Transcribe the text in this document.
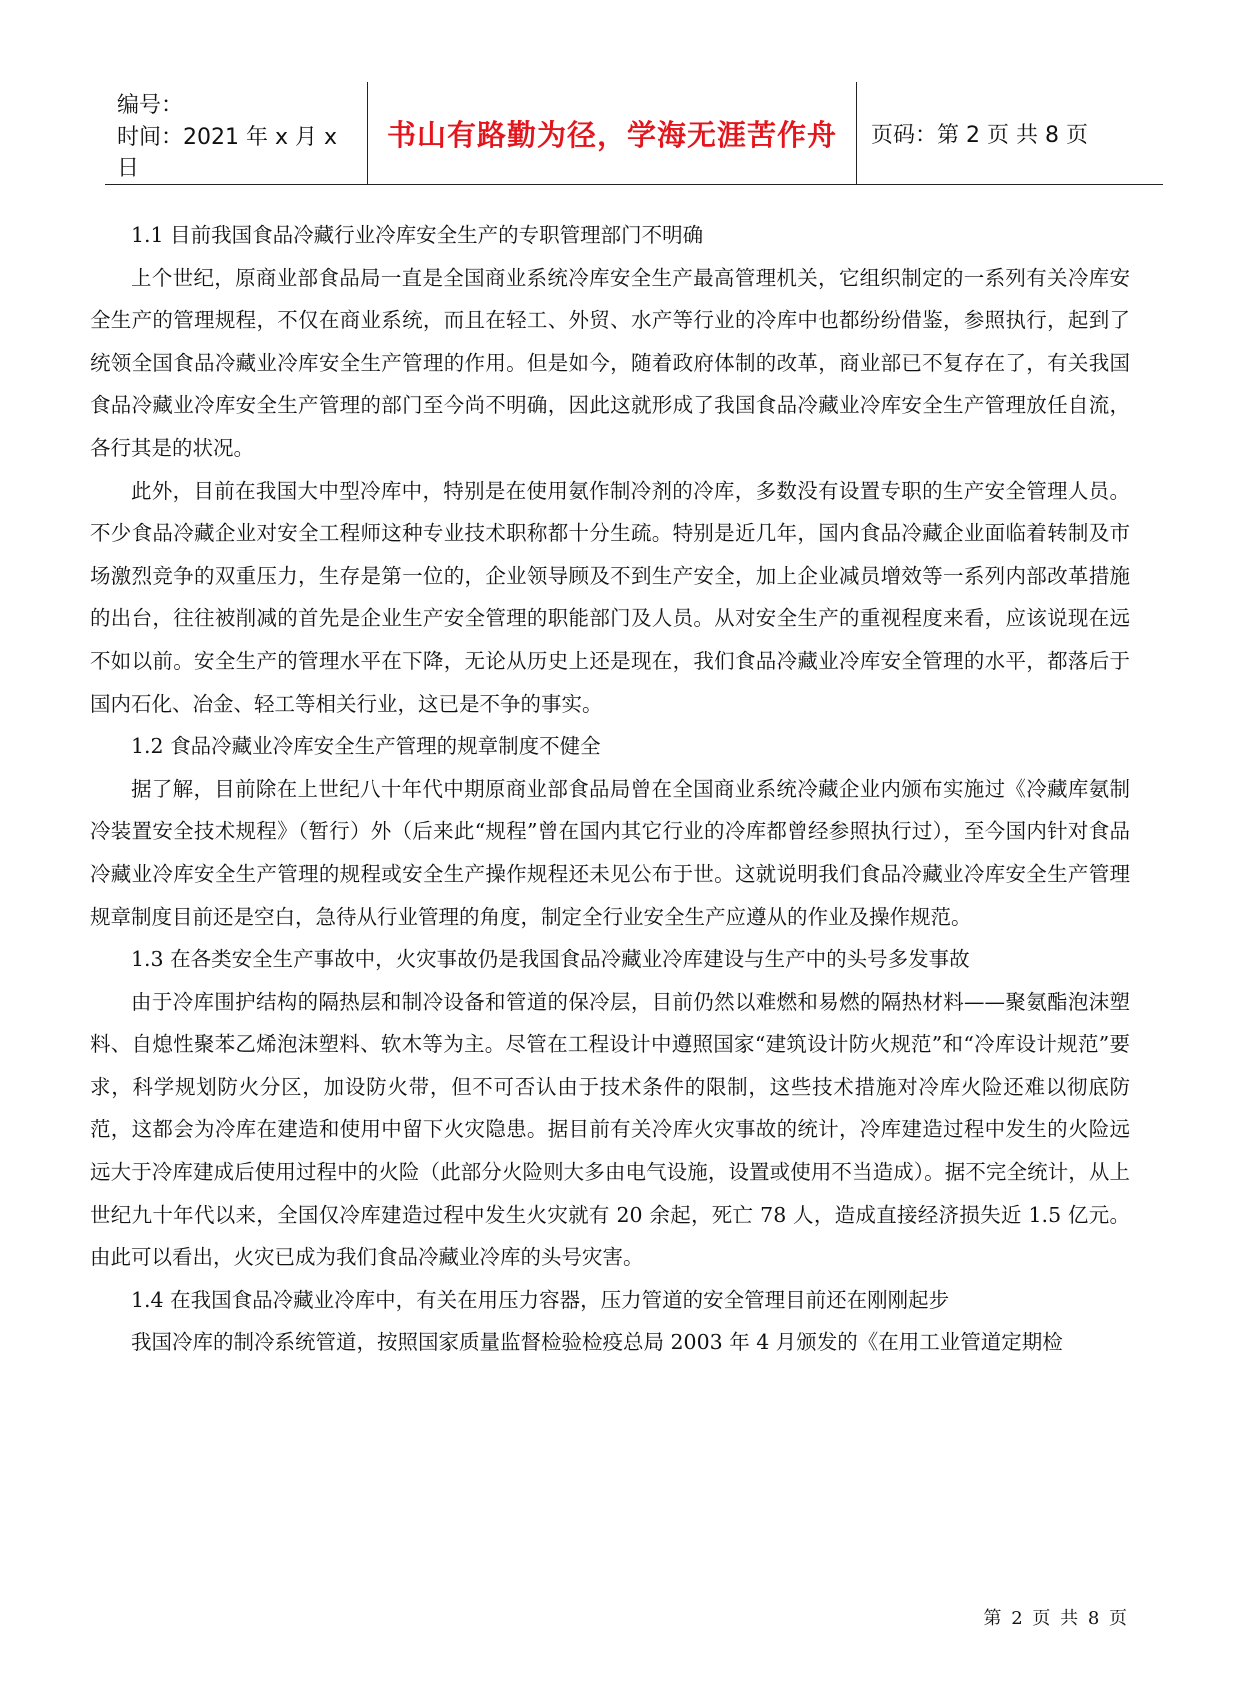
编号：
时间：2021 年 x 月 x 日
书山有路勤为径，学海无涯苦作舟 页码：第 2 页 共 8 页

1.1 目前我国食品冷藏行业冷库安全生产的专职管理部门不明确

上个世纪，原商业部食品局一直是全国商业系统冷库安全生产最高管理机关，它组织制定的一系列有关冷库安全生产的管理规程，不仅在商业系统，而且在轻工、外贸、水产等行业的冷库中也都纷纷借鉴，参照执行，起到了统领全国食品冷藏业冷库安全生产管理的作用。但是如今，随着政府体制的改革，商业部已不复存在了，有关我国食品冷藏业冷库安全生产管理的部门至今尚不明确，因此这就形成了我国食品冷藏业冷库安全生产管理放任自流，各行其是的状况。

此外，目前在我国大中型冷库中，特别是在使用氨作制冷剂的冷库，多数没有设置专职的生产安全管理人员。不少食品冷藏企业对安全工程师这种专业技术职称都十分生疏。特别是近几年，国内食品冷藏企业面临着转制及市场激烈竞争的双重压力，生存是第一位的，企业领导顾及不到生产安全，加上企业减员增效等一系列内部改革措施的出台，往往被削减的首先是企业生产安全管理的职能部门及人员。从对安全生产的重视程度来看，应该说现在远不如以前。安全生产的管理水平在下降，无论从历史上还是现在，我们食品冷藏业冷库安全管理的水平，都落后于国内石化、冶金、轻工等相关行业，这已是不争的事实。

1.2 食品冷藏业冷库安全生产管理的规章制度不健全

据了解，目前除在上世纪八十年代中期原商业部食品局曾在全国商业系统冷藏企业内颁布实施过《冷藏库氨制冷装置安全技术规程》（暂行）外（后来此“规程”曾在国内其它行业的冷库都曾经参照执行过），至今国内针对食品冷藏业冷库安全生产管理的规程或安全生产操作规程还未见公布于世。这就说明我们食品冷藏业冷库安全生产管理规章制度目前还是空白，急待从行业管理的角度，制定全行业安全生产应遵从的作业及操作规范。

1.3 在各类安全生产事故中，火灾事故仍是我国食品冷藏业冷库建设与生产中的头号多发事故

由于冷库围护结构的隔热层和制冷设备和管道的保冷层，目前仍然以难燃和易燃的隔热材料——聚氨酯泡沫塑料、自熄性聚苯乙烯泡沫塑料、软木等为主。尽管在工程设计中遵照国家“建筑设计防火规范”和“冷库设计规范”要求，科学规划防火分区，加设防火带，但不可否认由于技术条件的限制，这些技术措施对冷库火险还难以彻底防范，这都会为冷库在建造和使用中留下火灾隐患。据目前有关冷库火灾事故的统计，冷库建造过程中发生的火险远远大于冷库建成后使用过程中的火险（此部分火险则大多由电气设施，设置或使用不当造成）。据不完全统计，从上世纪九十年代以来，全国仅冷库建造过程中发生火灾就有 20 余起，死亡 78 人，造成直接经济损失近 1.5 亿元。由此可以看出，火灾已成为我们食品冷藏业冷库的头号灾害。

1.4 在我国食品冷藏业冷库中，有关在用压力容器，压力管道的安全管理目前还在刚刚起步

我国冷库的制冷系统管道，按照国家质量监督检验检疫总局 2003 年 4 月颁发的《在用工业管道定期检

第 2 页 共 8 页
